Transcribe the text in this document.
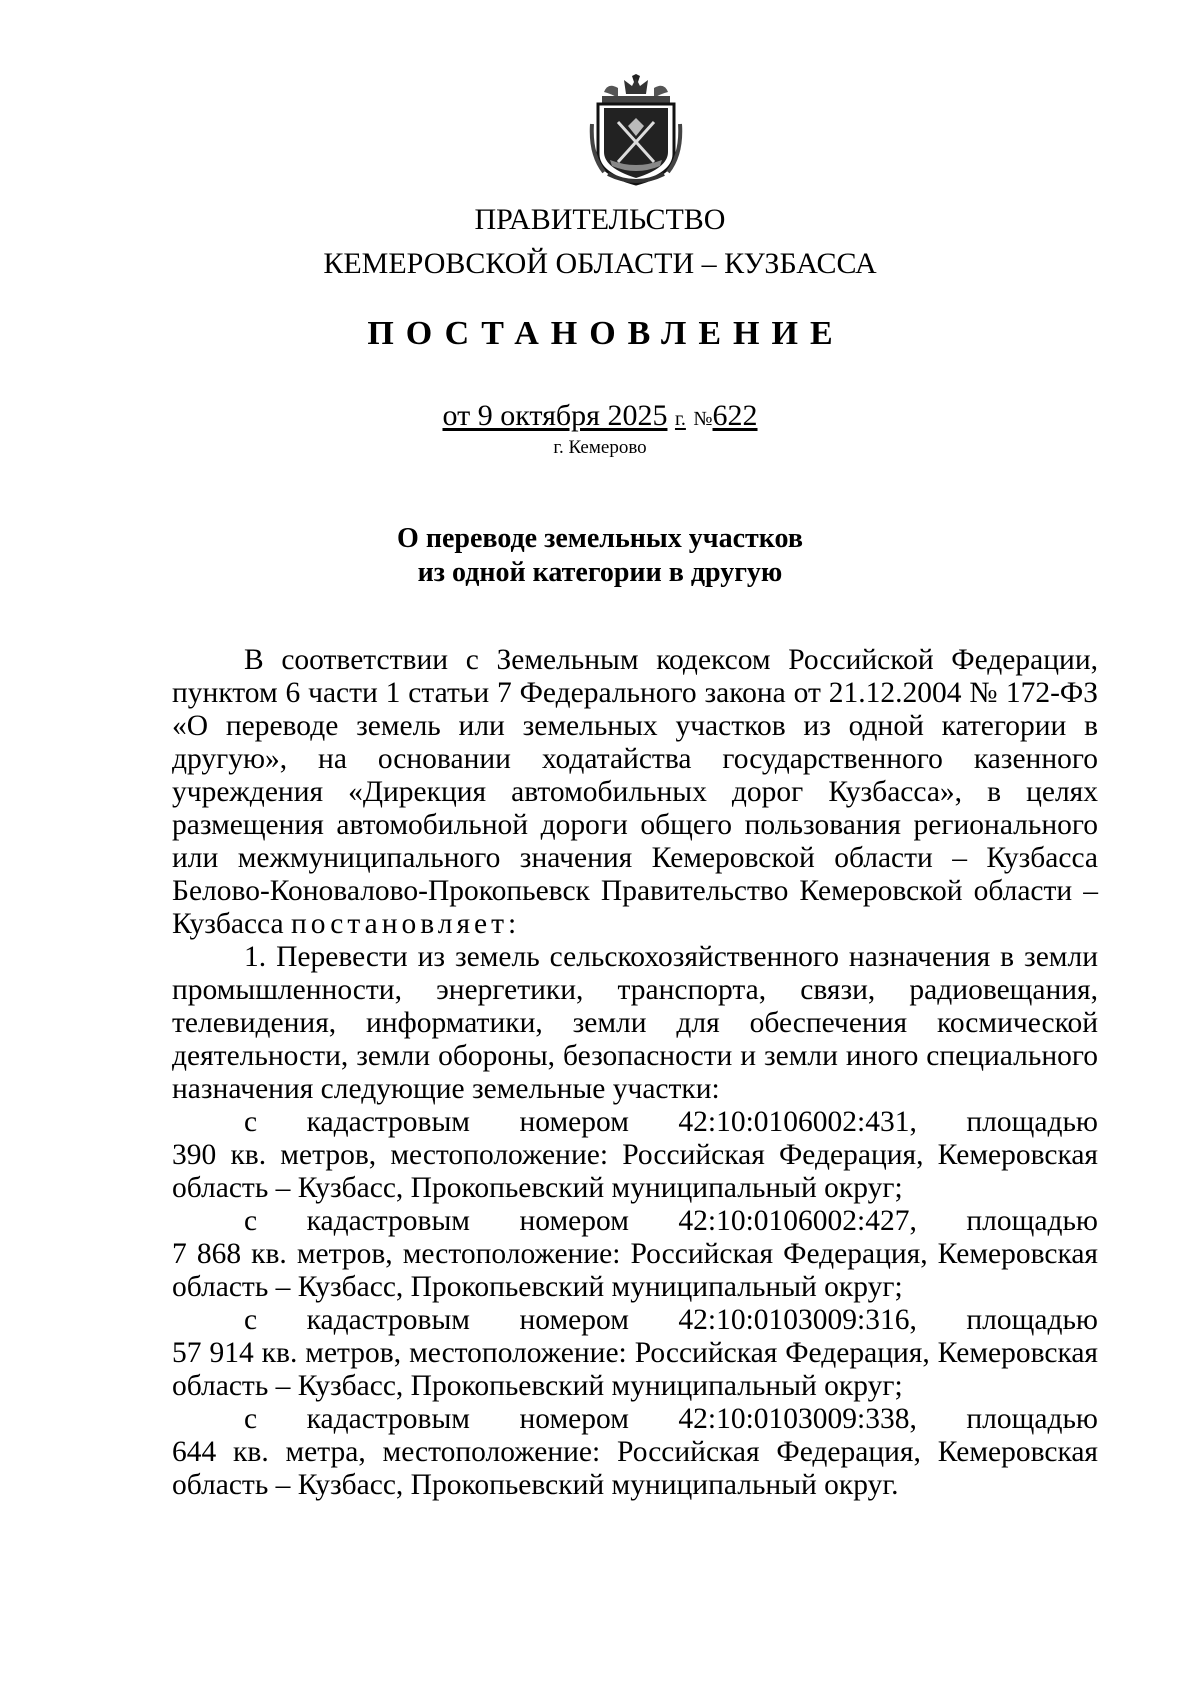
ПРАВИТЕЛЬСТВО
КЕМЕРОВСКОЙ ОБЛАСТИ – КУЗБАССА
ПОСТАНОВЛЕНИЕ
от 9 октября 2025 г. №622
г. Кемерово
О переводе земельных участков
из одной категории в другую

В соответствии с Земельным кодексом Российской Федерации, пунктом 6 части 1 статьи 7 Федерального закона от 21.12.2004 № 172-ФЗ «О переводе земель или земельных участков из одной категории в другую», на основании ходатайства государственного казенного учреждения «Дирекция автомобильных дорог Кузбасса», в целях размещения автомобильной дороги общего пользования регионального или межмуниципального значения Кемеровской области – Кузбасса Белово-Коновалово-Прокопьевск Правительство Кемеровской области – Кузбасса постановляет:

1. Перевести из земель сельскохозяйственного назначения в земли промышленности, энергетики, транспорта, связи, радиовещания, телевидения, информатики, земли для обеспечения космической деятельности, земли обороны, безопасности и земли иного специального назначения следующие земельные участки:

с кадастровым номером 42:10:0106002:431, площадью
390 кв. метров, местоположение: Российская Федерация, Кемеровская область – Кузбасс, Прокопьевский муниципальный округ;
с кадастровым номером 42:10:0106002:427, площадью
7 868 кв. метров, местоположение: Российская Федерация, Кемеровская область – Кузбасс, Прокопьевский муниципальный округ;
с кадастровым номером 42:10:0103009:316, площадью
57 914 кв. метров, местоположение: Российская Федерация, Кемеровская область – Кузбасс, Прокопьевский муниципальный округ;
с кадастровым номером 42:10:0103009:338, площадью
644 кв. метра, местоположение: Российская Федерация, Кемеровская область – Кузбасс, Прокопьевский муниципальный округ.
